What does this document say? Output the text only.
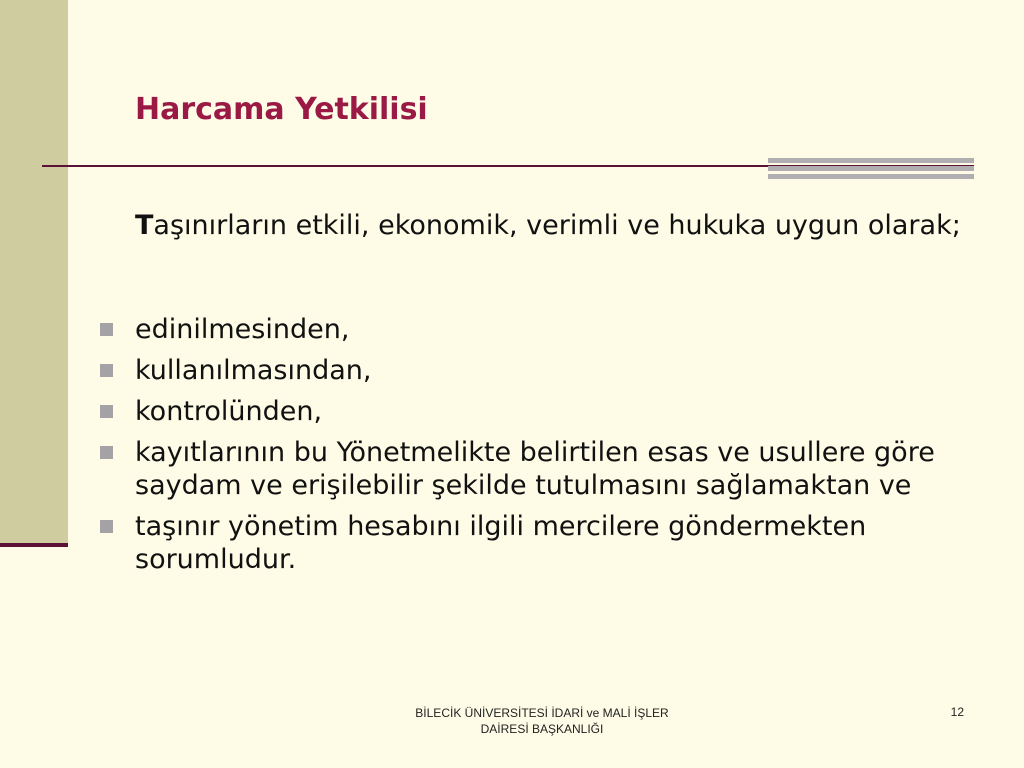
Harcama Yetkilisi

Taşınırların etkili, ekonomik, verimli ve hukuka uygun olarak;

edinilmesinden,
kullanılmasından,
kontrolünden,
kayıtlarının bu Yönetmelikte belirtilen esas ve usullere göre saydam ve erişilebilir şekilde tutulmasını sağlamaktan ve
taşınır yönetim hesabını ilgili mercilere göndermekten sorumludur.
BİLECİK ÜNİVERSİTESİ İDARİ ve MALİ İŞLER
DAİRESİ BAŞKANLIĞI
12
